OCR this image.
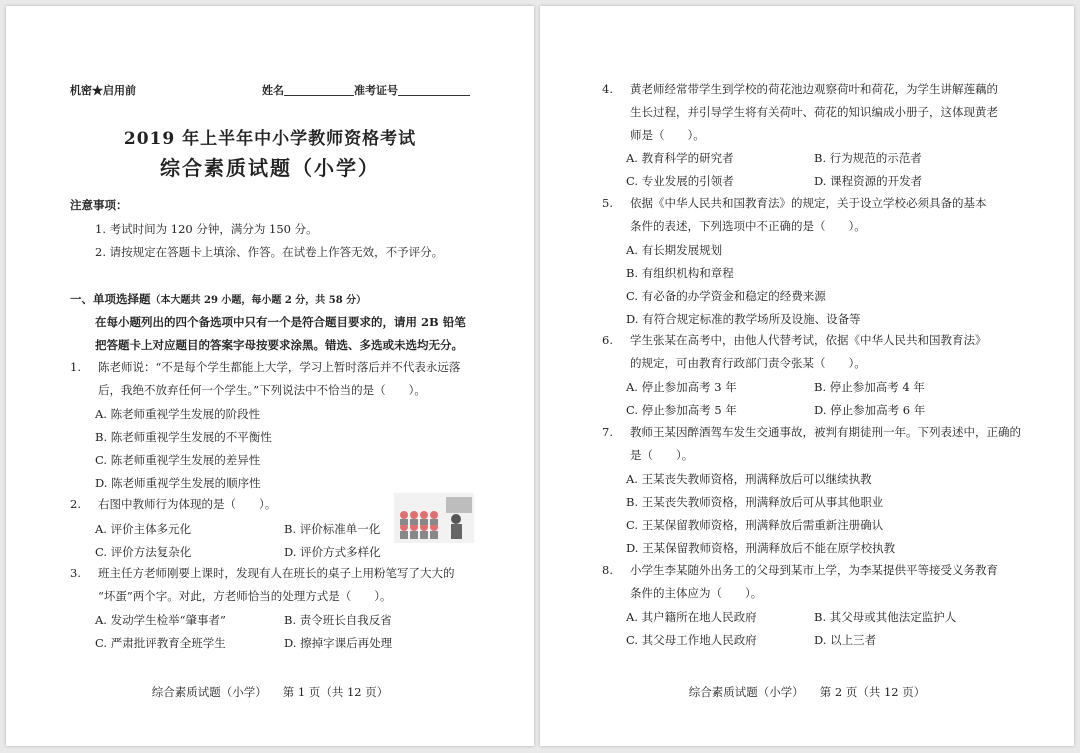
机密★启用前	姓名	准考证号
2019 年上半年中小学教师资格考试
综合素质试题（小学）
注意事项：
1. 考试时间为 120 分钟，满分为 150 分。
2. 请按规定在答题卡上填涂、作答。在试卷上作答无效，不予评分。
一、单项选择题（本大题共 29 小题，每小题 2 分，共 58 分）
在每小题列出的四个备选项中只有一个是符合题目要求的，请用 2B 铅笔
把答题卡上对应题目的答案字母按要求涂黑。错选、多选或未选均无分。
1. 陈老师说：“不是每个学生都能上大学，学习上暂时落后并不代表永远落
后，我绝不放弃任何一个学生。”下列说法中不恰当的是（　　）。
A. 陈老师重视学生发展的阶段性
B. 陈老师重视学生发展的不平衡性
C. 陈老师重视学生发展的差异性
D. 陈老师重视学生发展的顺序性
2. 右图中教师行为体现的是（　　）。
A. 评价主体多元化	B. 评价标准单一化
C. 评价方法复杂化	D. 评价方式多样化
3. 班主任方老师刚要上课时，发现有人在班长的桌子上用粉笔写了大大的
“坏蛋”两个字。对此，方老师恰当的处理方式是（　　）。
A. 发动学生检举“肇事者”	B. 责令班长自我反省
C. 严肃批评教育全班学生	D. 擦掉字课后再处理
综合素质试题（小学） 第 1 页（共 12 页）
4. 黄老师经常带学生到学校的荷花池边观察荷叶和荷花，为学生讲解莲藕的
生长过程，并引导学生将有关荷叶、荷花的知识编成小册子，这体现黄老
师是（　　）。
A. 教育科学的研究者	B. 行为规范的示范者
C. 专业发展的引领者	D. 课程资源的开发者
5. 依据《中华人民共和国教育法》的规定，关于设立学校必须具备的基本
条件的表述，下列选项中不正确的是（　　）。
A. 有长期发展规划
B. 有组织机构和章程
C. 有必备的办学资金和稳定的经费来源
D. 有符合规定标准的教学场所及设施、设备等
6. 学生张某在高考中，由他人代替考试，依据《中华人民共和国教育法》
的规定，可由教育行政部门责令张某（　　）。
A. 停止参加高考 3 年	B. 停止参加高考 4 年
C. 停止参加高考 5 年	D. 停止参加高考 6 年
7. 教师王某因醉酒驾车发生交通事故，被判有期徒刑一年。下列表述中，正确的
是（　　）。
A. 王某丧失教师资格，刑满释放后可以继续执教
B. 王某丧失教师资格，刑满释放后可从事其他职业
C. 王某保留教师资格，刑满释放后需重新注册确认
D. 王某保留教师资格，刑满释放后不能在原学校执教
8. 小学生李某随外出务工的父母到某市上学，为李某提供平等接受义务教育
条件的主体应为（　　）。
A. 其户籍所在地人民政府	B. 其父母或其他法定监护人
C. 其父母工作地人民政府	D. 以上三者
综合素质试题（小学） 第 2 页（共 12 页）
